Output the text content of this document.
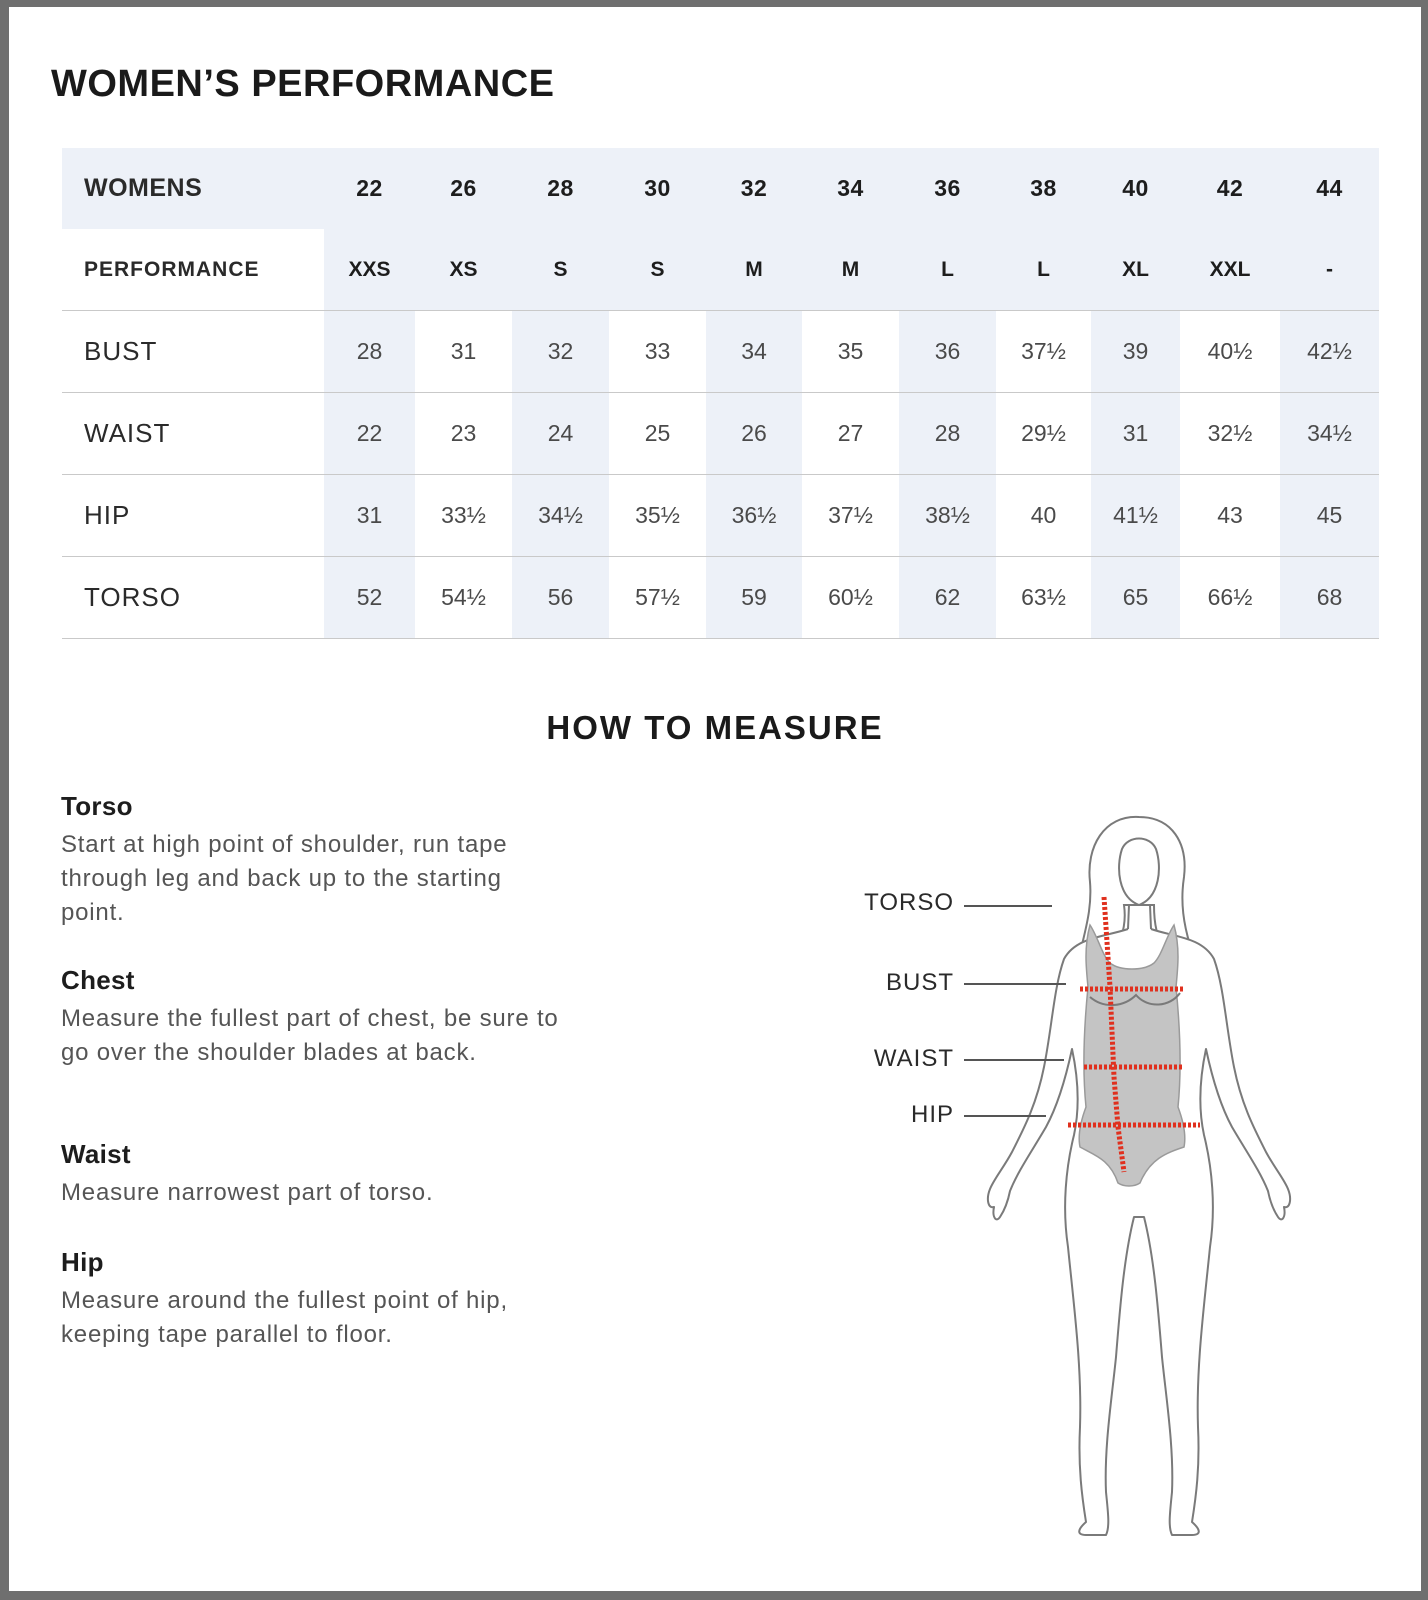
WOMEN’S PERFORMANCE
WOMENS	22	26	28	30	32	34	36	38	40	42	44
PERFORMANCE	XXS	XS	S	S	M	M	L	L	XL	XXL	-
BUST	28	31	32	33	34	35	36	37½	39	40½	42½
WAIST	22	23	24	25	26	27	28	29½	31	32½	34½
HIP	31	33½	34½	35½	36½	37½	38½	40	41½	43	45
TORSO	52	54½	56	57½	59	60½	62	63½	65	66½	68
HOW TO MEASURE
Torso

Start at high point of shoulder, run tape through leg and back up to the starting point.

Chest

Measure the fullest part of chest, be sure to go over the shoulder blades at back.

Waist

Measure narrowest part of torso.

Hip

Measure around the fullest point of hip, keeping tape parallel to floor.

TORSO
BUST
WAIST
HIP
